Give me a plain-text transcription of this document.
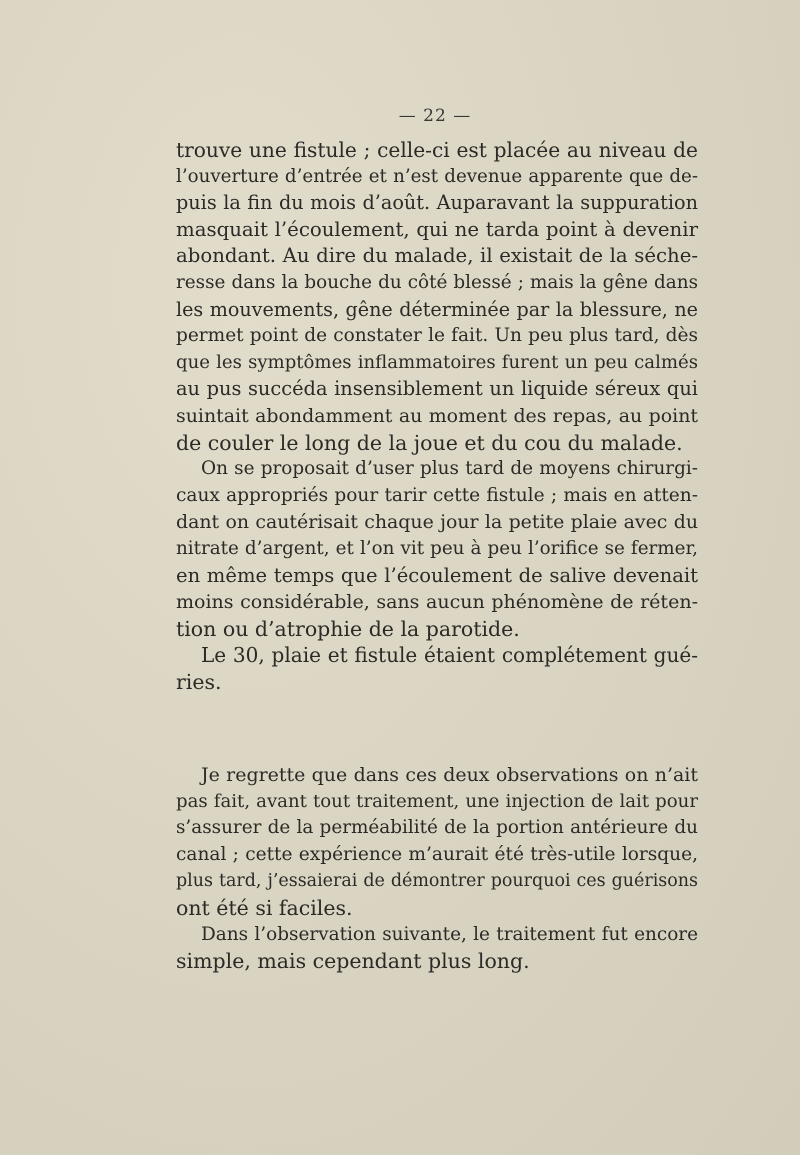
— 22 —

trouve une fistule ; celle-ci est placée au niveau de
l’ouverture d’entrée et n’est devenue apparente que de-
puis la fin du mois d’août. Auparavant la suppuration
masquait l’écoulement, qui ne tarda point à devenir
abondant. Au dire du malade, il existait de la séche-
resse dans la bouche du côté blessé ; mais la gêne dans
les mouvements, gêne déterminée par la blessure, ne
permet point de constater le fait. Un peu plus tard, dès
que les symptômes inflammatoires furent un peu calmés
au pus succéda insensiblement un liquide séreux qui
suintait abondamment au moment des repas, au point
de couler le long de la joue et du cou du malade.

On se proposait d’user plus tard de moyens chirurgi-
caux appropriés pour tarir cette fistule ; mais en atten-
dant on cautérisait chaque jour la petite plaie avec du
nitrate d’argent, et l’on vit peu à peu l’orifice se fermer,
en même temps que l’écoulement de salive devenait
moins considérable, sans aucun phénomène de réten-
tion ou d’atrophie de la parotide.

Le 30, plaie et fistule étaient complétement gué-
ries.

Je regrette que dans ces deux observations on n’ait
pas fait, avant tout traitement, une injection de lait pour
s’assurer de la perméabilité de la portion antérieure du
canal ; cette expérience m’aurait été très-utile lorsque,
plus tard, j’essaierai de démontrer pourquoi ces guérisons
ont été si faciles.

Dans l’observation suivante, le traitement fut encore
simple, mais cependant plus long.
